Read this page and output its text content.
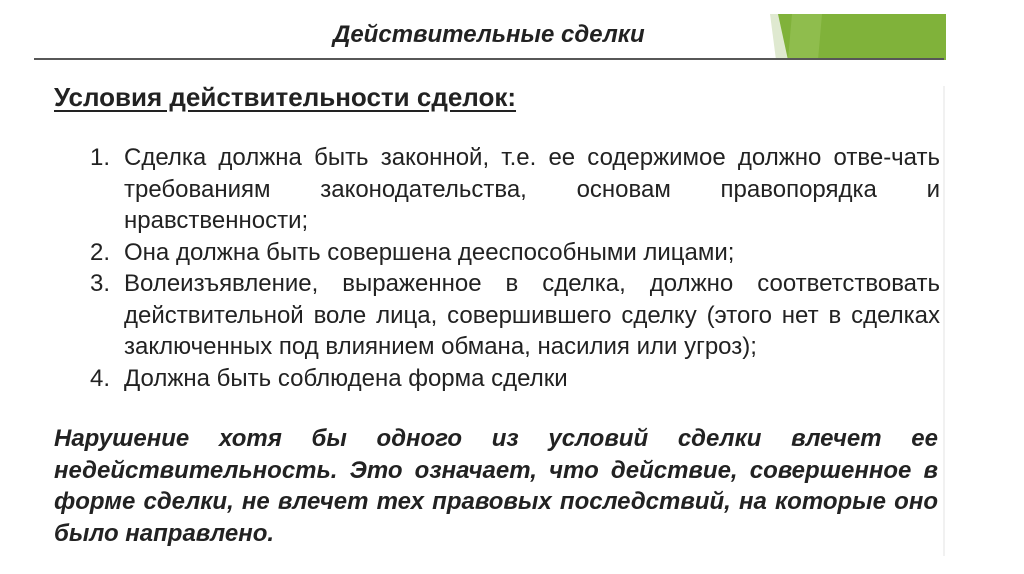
Действительные сделки
Условия действительности сделок:
1. Сделка должна быть законной, т.е. ее содержимое должно отве-чать требованиям законодательства, основам правопорядка и нравственности;
2. Она должна быть совершена дееспособными лицами;
3. Волеизъявление, выраженное в сделка, должно соответствовать действительной воле лица, совершившего сделку (этого нет в сделках заключенных под влиянием обмана, насилия или угроз);
4. Должна быть соблюдена форма сделки

Нарушение хотя бы одного из условий сделки влечет ее недействительность. Это означает, что действие, совершенное в форме сделки, не влечет тех правовых последствий, на которые оно было направлено.
